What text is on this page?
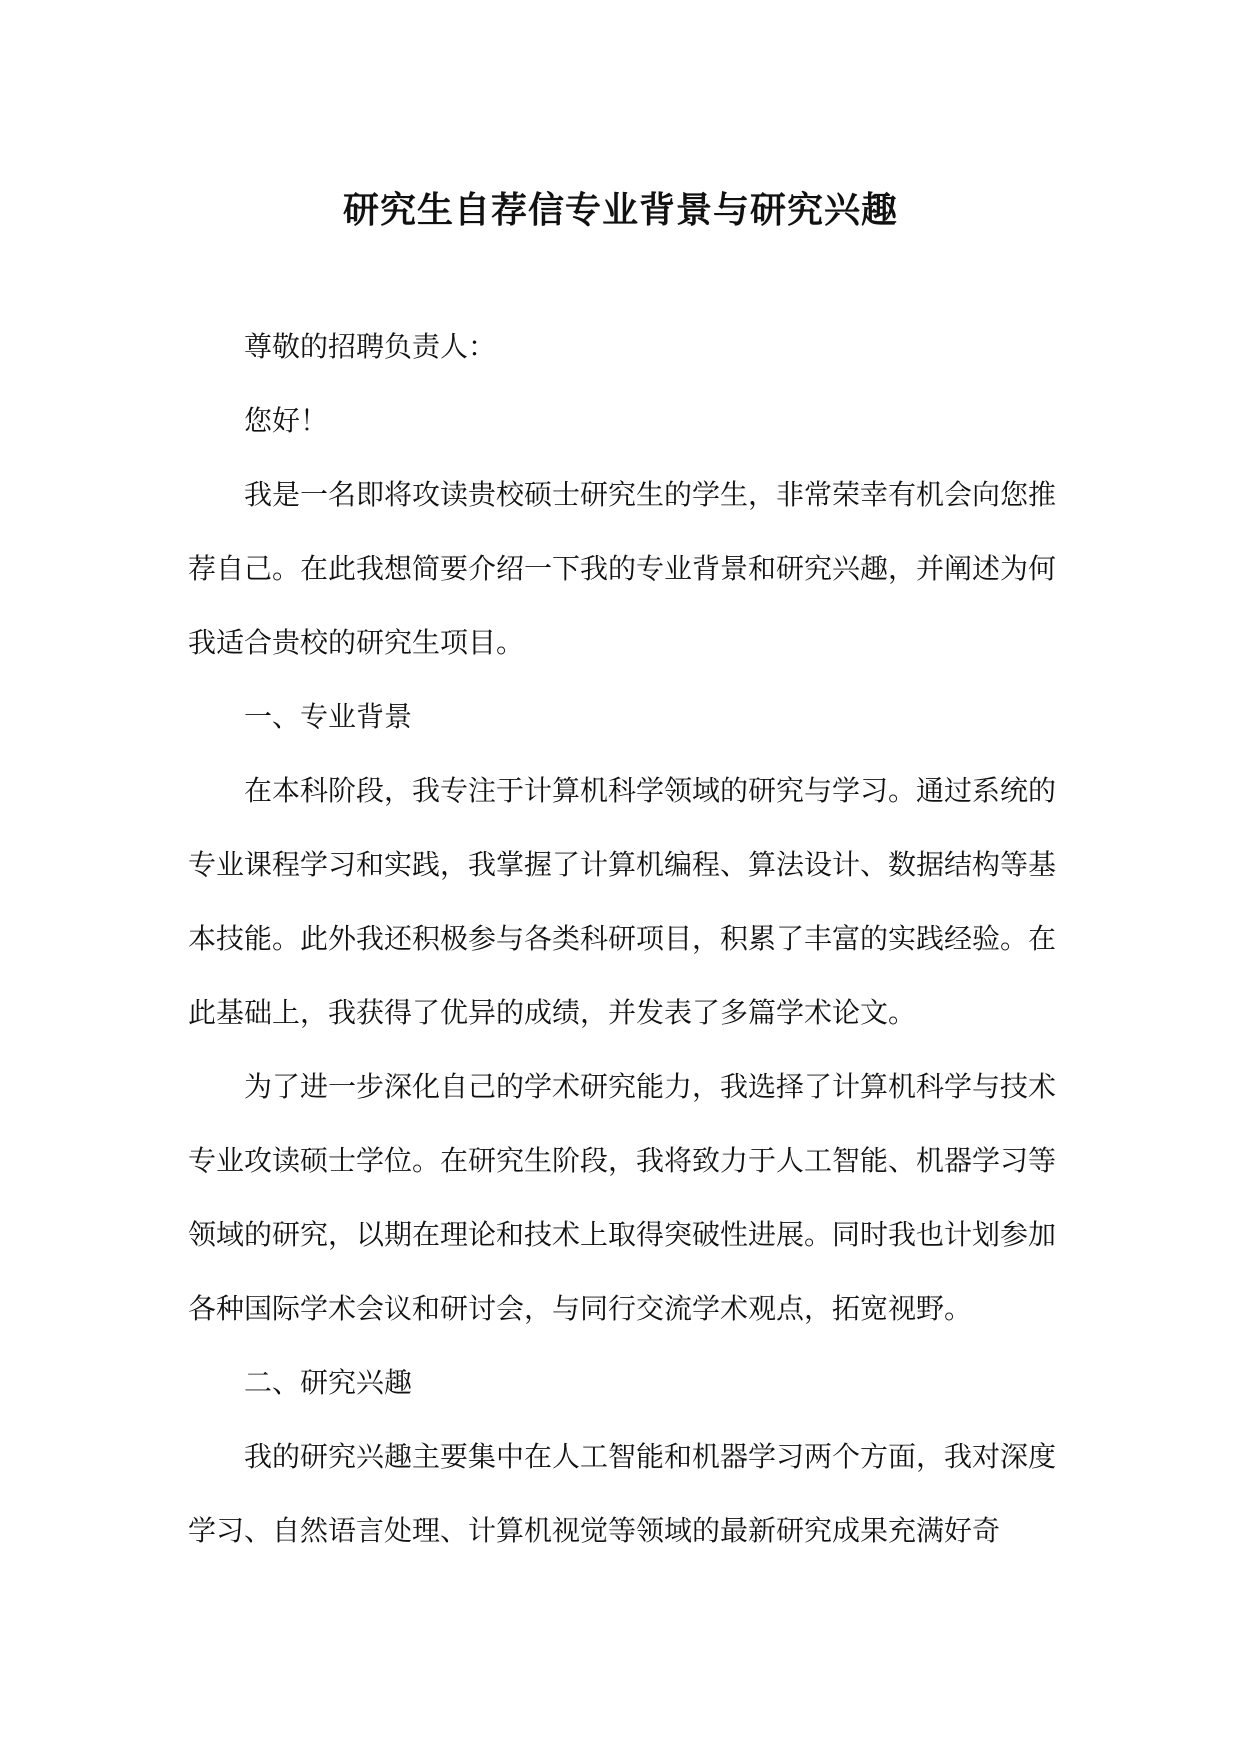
研究生自荐信专业背景与研究兴趣

尊敬的招聘负责人：

您好！

我是一名即将攻读贵校硕士研究生的学生，非常荣幸有机会向您推荐自己。在此我想简要介绍一下我的专业背景和研究兴趣，并阐述为何我适合贵校的研究生项目。

一、专业背景

在本科阶段，我专注于计算机科学领域的研究与学习。通过系统的专业课程学习和实践，我掌握了计算机编程、算法设计、数据结构等基本技能。此外我还积极参与各类科研项目，积累了丰富的实践经验。在此基础上，我获得了优异的成绩，并发表了多篇学术论文。

为了进一步深化自己的学术研究能力，我选择了计算机科学与技术专业攻读硕士学位。在研究生阶段，我将致力于人工智能、机器学习等领域的研究，以期在理论和技术上取得突破性进展。同时我也计划参加各种国际学术会议和研讨会，与同行交流学术观点，拓宽视野。

二、研究兴趣

我的研究兴趣主要集中在人工智能和机器学习两个方面，我对深度学习、自然语言处理、计算机视觉等领域的最新研究成果充满好奇
